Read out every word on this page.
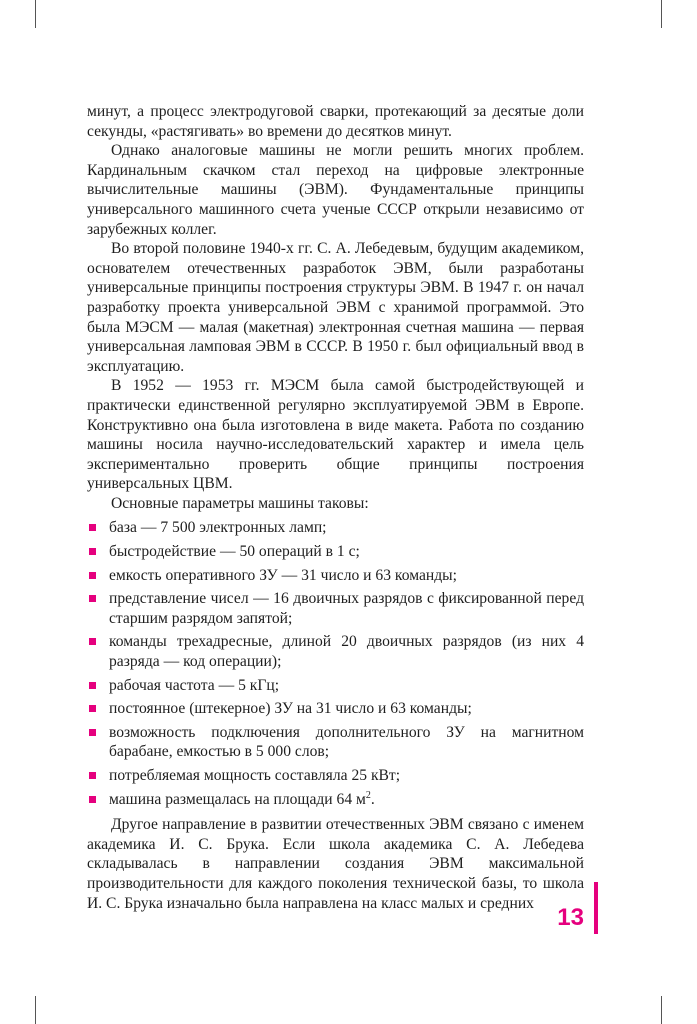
минут, а процесс электродуговой сварки, протекающий за десятые доли секунды, «растягивать» во времени до десятков минут.

Однако аналоговые машины не могли решить многих проблем. Кардинальным скачком стал переход на цифровые электронные вычислительные машины (ЭВМ). Фундаментальные принципы универсального машинного счета ученые СССР открыли независимо от зарубежных коллег.

Во второй половине 1940-х гг. С. А. Лебедевым, будущим академиком, основателем отечественных разработок ЭВМ, были разработаны универсальные принципы построения структуры ЭВМ. В 1947 г. он начал разработку проекта универсальной ЭВМ с хранимой программой. Это была МЭСМ — малая (макетная) электронная счетная машина — первая универсальная ламповая ЭВМ в СССР. В 1950 г. был официальный ввод в эксплуатацию.

В 1952 — 1953 гг. МЭСМ была самой быстродействующей и практически единственной регулярно эксплуатируемой ЭВМ в Европе. Конструктивно она была изготовлена в виде макета. Работа по созданию машины носила научно-исследовательский характер и имела цель экспериментально проверить общие принципы построения универсальных ЦВМ.

Основные параметры машины таковы:

база — 7 500 электронных ламп;
быстродействие — 50 операций в 1 с;
емкость оперативного ЗУ — 31 число и 63 команды;
представление чисел — 16 двоичных разрядов с фиксированной перед старшим разрядом запятой;
команды трехадресные, длиной 20 двоичных разрядов (из них 4 разряда — код операции);
рабочая частота — 5 кГц;
постоянное (штекерное) ЗУ на 31 число и 63 команды;
возможность подключения дополнительного ЗУ на магнитном барабане, емкостью в 5 000 слов;
потребляемая мощность составляла 25 кВт;
машина размещалась на площади 64 $м^2$.

Другое направление в развитии отечественных ЭВМ связано с именем академика И. С. Брука. Если школа академика С. А. Лебедева складывалась в направлении создания ЭВМ максимальной производительности для каждого поколения технической базы, то школа И. С. Брука изначально была направлена на класс малых и средних

13
